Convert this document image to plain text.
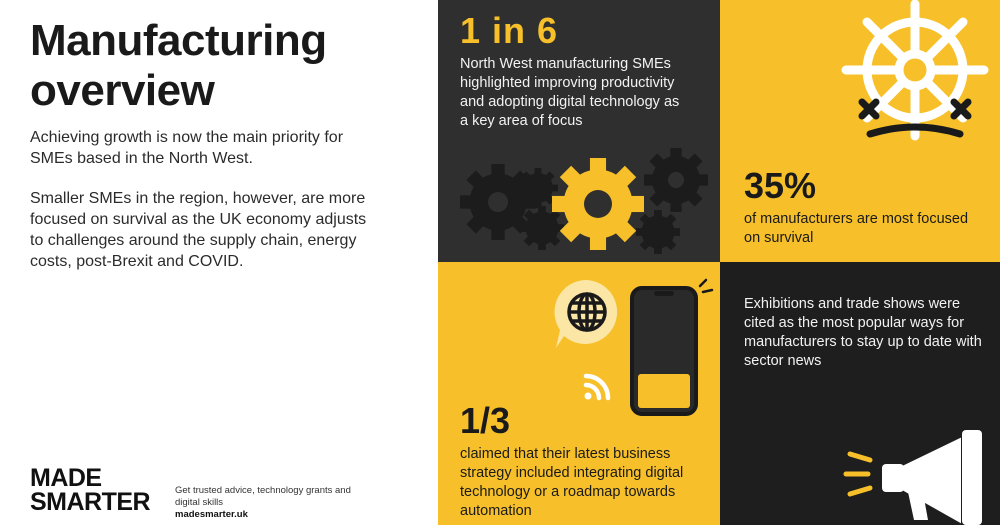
Manufacturing overview

Achieving growth is now the main priority for SMEs based in the North West.

Smaller SMEs in the region, however, are more focused on survival as the UK economy adjusts to challenges around the supply chain, energy costs, post-Brexit and COVID.

MADE
SMARTER	Get trusted advice, technology grants and digital skills
madesmarter.uk
1 in 6
North West manufacturing SMEs highlighted improving productivity and adopting digital technology as a key area of focus
35%
of manufacturers are most focused on survival
1/3
claimed that their latest business strategy included integrating digital technology or a roadmap towards automation
Exhibitions and trade shows were cited as the most popular ways for manufacturers to stay up to date with sector news
